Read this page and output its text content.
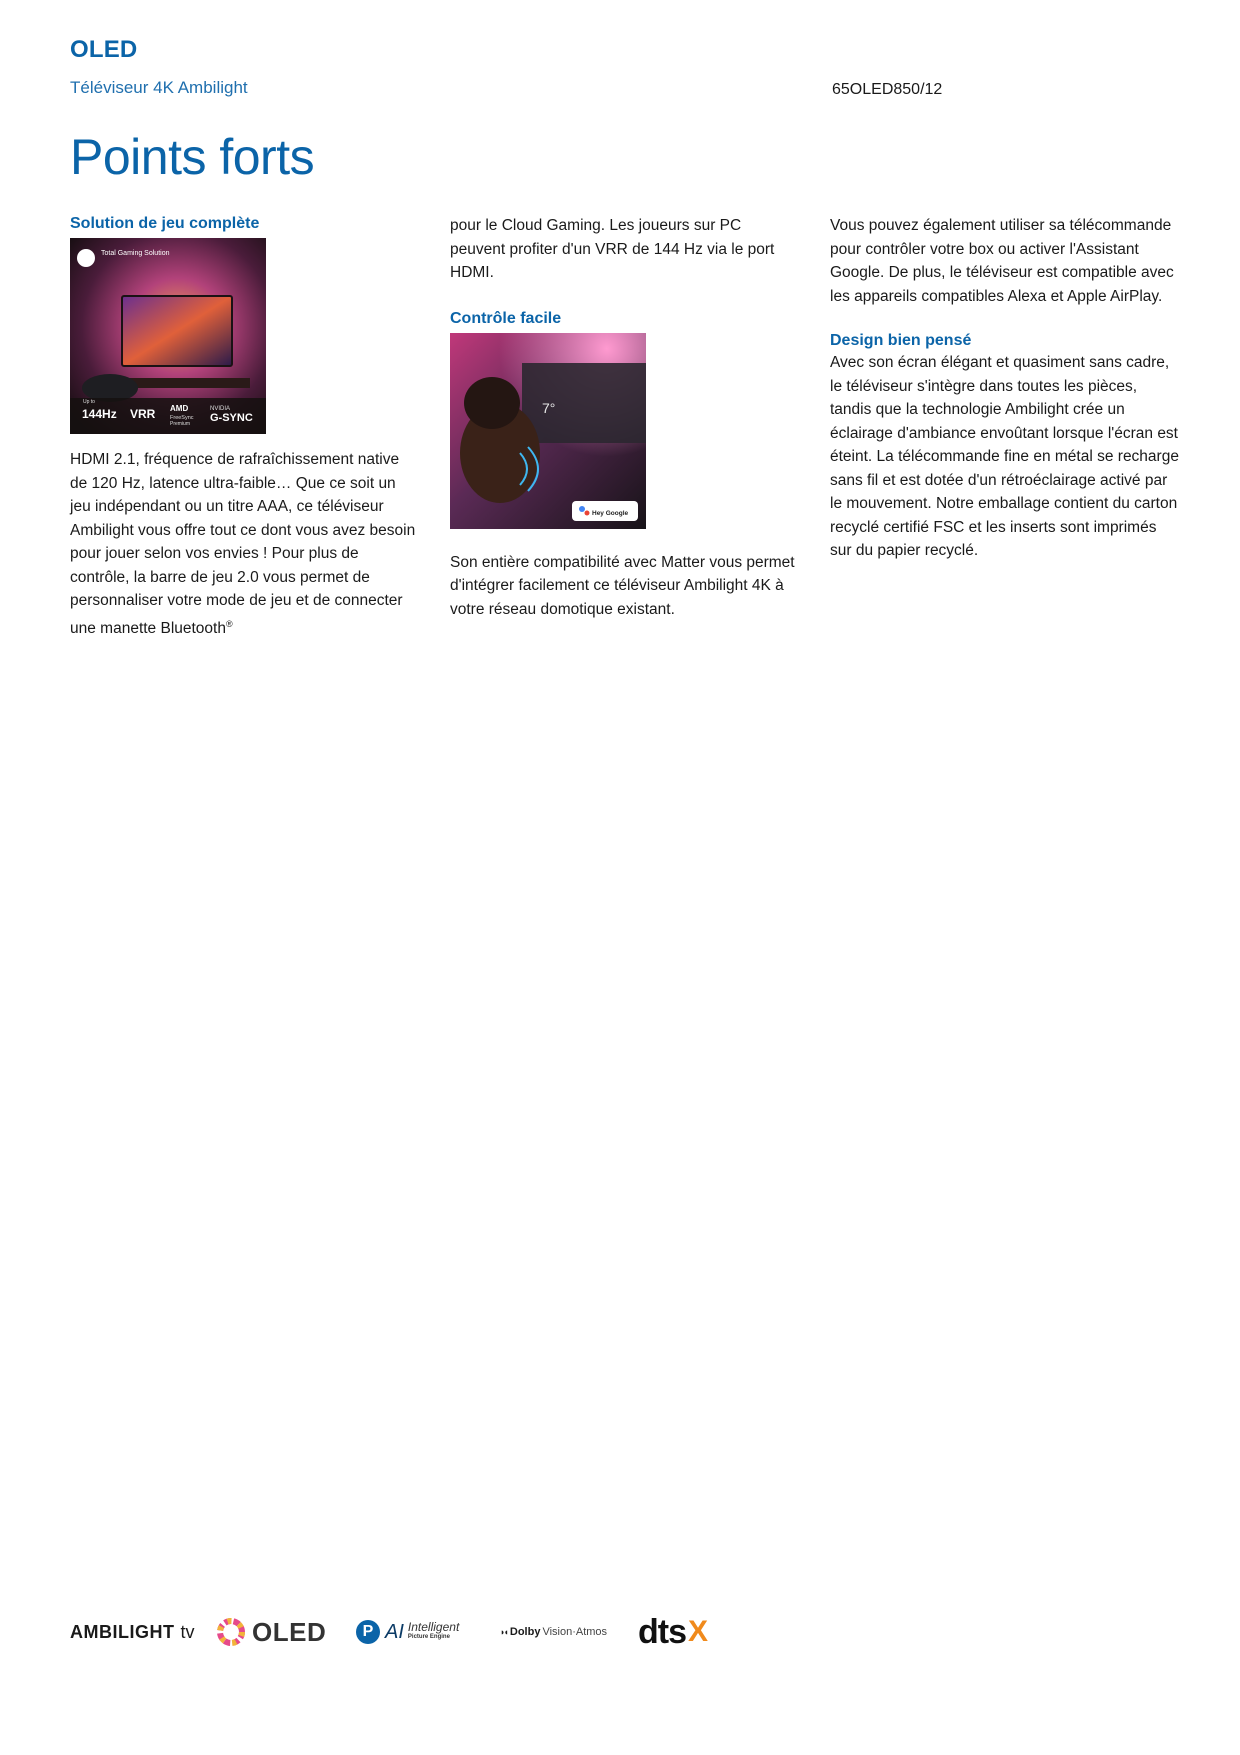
OLED
Téléviseur 4K Ambilight	65OLED850/12
Points forts
Solution de jeu complète
Total Gaming Solution
Up to
144Hz VRR AMD
FreeSync
Premium
NVIDIA
G-SYNC

HDMI 2.1, fréquence de rafraîchissement native de 120 Hz, latence ultra-faible… Que ce soit un jeu indépendant ou un titre AAA, ce téléviseur Ambilight vous offre tout ce dont vous avez besoin pour jouer selon vos envies ! Pour plus de contrôle, la barre de jeu 2.0 vous permet de personnaliser votre mode de jeu et de connecter une manette Bluetooth®

pour le Cloud Gaming. Les joueurs sur PC peuvent profiter d'un VRR de 144 Hz via le port HDMI.

Contrôle facile
7°
Hey Google

Son entière compatibilité avec Matter vous permet d'intégrer facilement ce téléviseur Ambilight 4K à votre réseau domotique existant.

Vous pouvez également utiliser sa télécommande pour contrôler votre box ou activer l'Assistant Google. De plus, le téléviseur est compatible avec les appareils compatibles Alexa et Apple AirPlay.

Design bien pensé

Avec son écran élégant et quasiment sans cadre, le téléviseur s'intègre dans toutes les pièces, tandis que la technologie Ambilight crée un éclairage d'ambiance envoûtant lorsque l'écran est éteint. La télécommande fine en métal se recharge sans fil et est dotée d'un rétroéclairage activé par le mouvement. Notre emballage contient du carton recyclé certifié FSC et les inserts sont imprimés sur du papier recyclé.

AMBILIGHT tv OLED	P AI Intelligent
Picture Engine	◗◖ Dolby Vision·Atmos dts X
